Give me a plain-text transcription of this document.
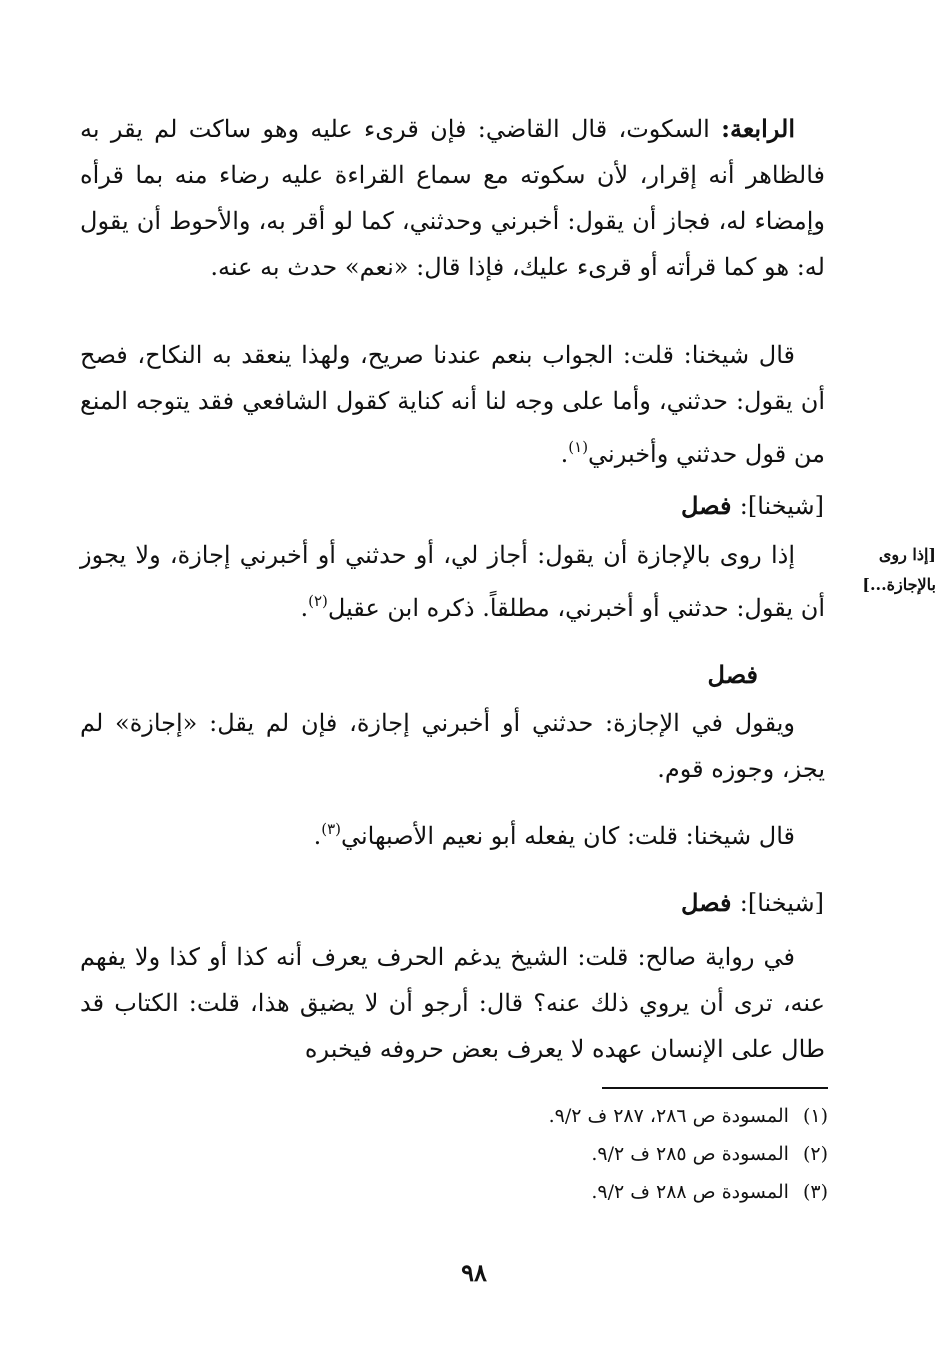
الرابعة: السكوت، قال القاضي: فإن قرىء عليه وهو ساكت لم يقر به فالظاهر أنه إقرار، لأن سكوته مع سماع القراءة عليه رضاء منه بما قرأه وإمضاء له، فجاز أن يقول: أخبرني وحدثني، كما لو أقر به، والأحوط أن يقول له: هو كما قرأته أو قرىء عليك، فإذا قال: «نعم» حدث به عنه.

قال شيخنا: قلت: الجواب بنعم عندنا صريح، ولهذا ينعقد به النكاح، فصح أن يقول: حدثني، وأما على وجه لنا أنه كناية كقول الشافعي فقد يتوجه المنع من قول حدثني وأخبرني$^{(١)}$.

[شيخنا]: فصل
[إذا روى بالإجازة...]

إذا روى بالإجازة أن يقول: أجاز لي، أو حدثني أو أخبرني إجازة، ولا يجوز أن يقول: حدثني أو أخبرني، مطلقاً. ذكره ابن عقيل$^{(٢)}$.

فصل

ويقول في الإجازة: حدثني أو أخبرني إجازة، فإن لم يقل: «إجازة» لم يجز، وجوزه قوم.

قال شيخنا: قلت: كان يفعله أبو نعيم الأصبهاني$^{(٣)}$.

[شيخنا]: فصل

في رواية صالح: قلت: الشيخ يدغم الحرف يعرف أنه كذا أو كذا ولا يفهم عنه، ترى أن يروي ذلك عنه؟ قال: أرجو أن لا يضيق هذا، قلت: الكتاب قد طال على الإنسان عهده لا يعرف بعض حروفه فيخبره

(١)المسودة ص ٢٨٦، ٢٨٧ ف ٩/٢.

(٢)المسودة ص ٢٨٥ ف ٩/٢.

(٣)المسودة ص ٢٨٨ ف ٩/٢.

٩٨
